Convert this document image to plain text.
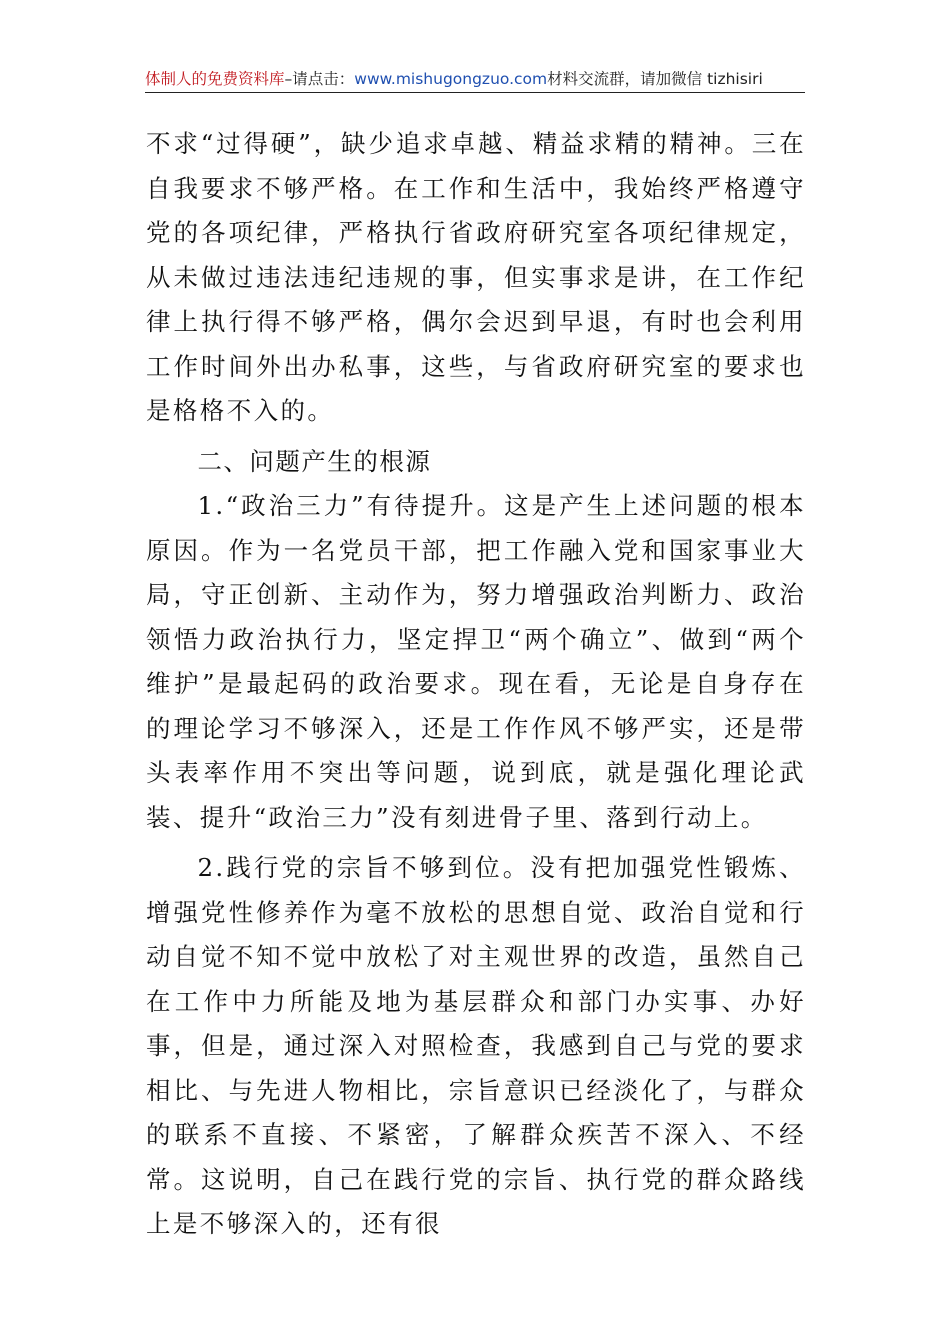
体制人的免费资料库–请点击：www.mishugongzuo.com材料交流群，请加微信 tizhisiri

不求“过得硬”，缺少追求卓越、精益求精的精神。三在自我要求不够严格。在工作和生活中，我始终严格遵守党的各项纪律，严格执行省政府研究室各项纪律规定，从未做过违法违纪违规的事，但实事求是讲，在工作纪律上执行得不够严格，偶尔会迟到早退，有时也会利用工作时间外出办私事，这些，与省政府研究室的要求也是格格不入的。

二、问题产生的根源

1.“政治三力”有待提升。这是产生上述问题的根本原因。作为一名党员干部，把工作融入党和国家事业大局，守正创新、主动作为，努力增强政治判断力、政治领悟力政治执行力，坚定捍卫“两个确立”、做到“两个维护”是最起码的政治要求。现在看，无论是自身存在的理论学习不够深入，还是工作作风不够严实，还是带头表率作用不突出等问题，说到底，就是强化理论武装、提升“政治三力”没有刻进骨子里、落到行动上。

2.践行党的宗旨不够到位。没有把加强党性锻炼、增强党性修养作为毫不放松的思想自觉、政治自觉和行动自觉不知不觉中放松了对主观世界的改造，虽然自己在工作中力所能及地为基层群众和部门办实事、办好事，但是，通过深入对照检查，我感到自己与党的要求相比、与先进人物相比，宗旨意识已经淡化了，与群众的联系不直接、不紧密，了解群众疾苦不深入、不经常。这说明，自己在践行党的宗旨、执行党的群众路线上是不够深入的，还有很
